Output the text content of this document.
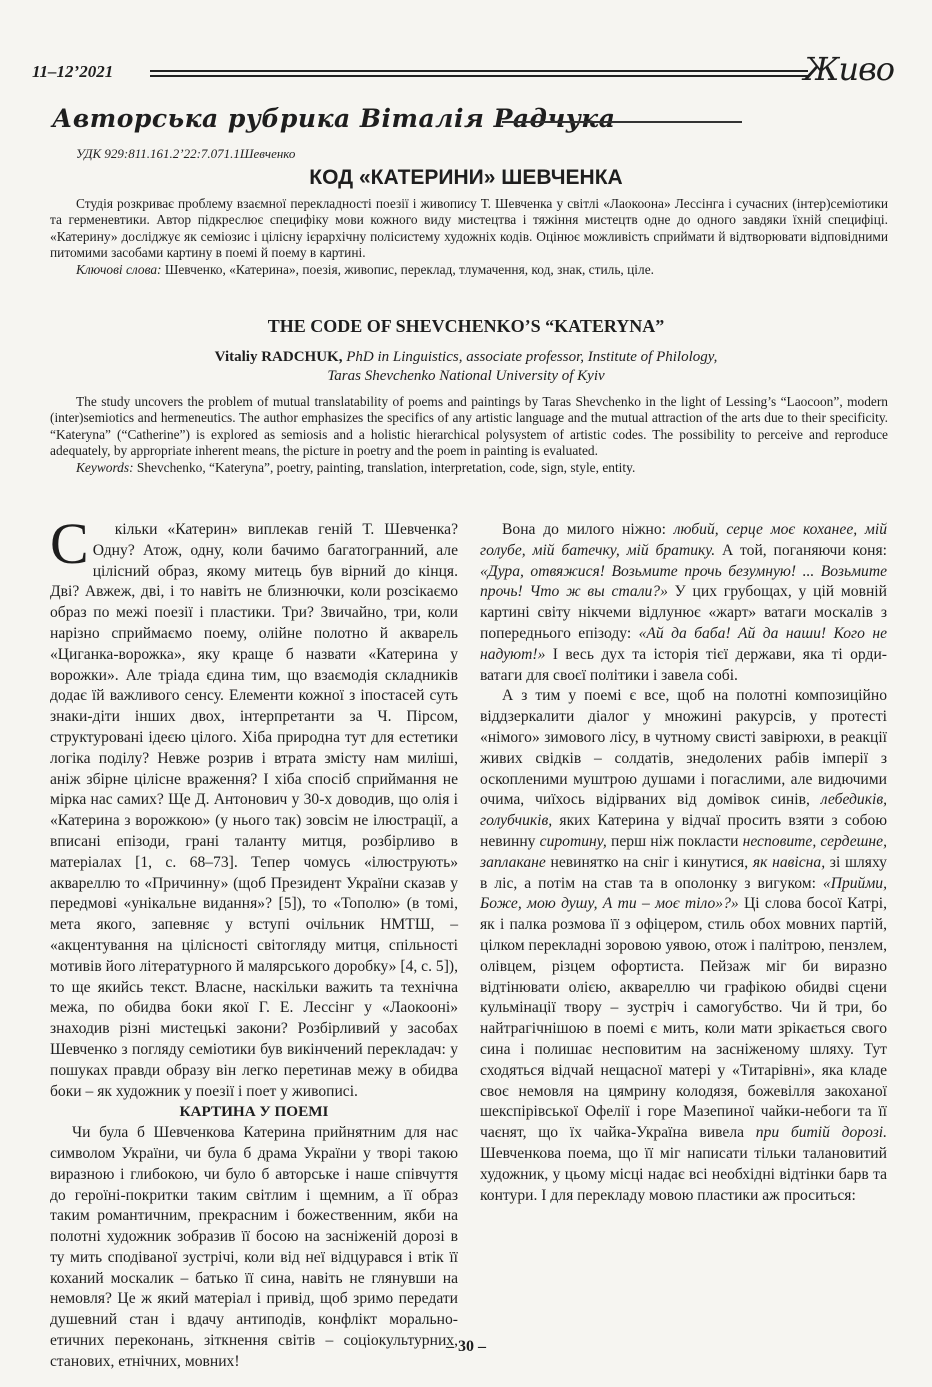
11–12’2021	Живо
Авторська рубрика Віталія Радчука
УДК 929:811.161.2’22:7.071.1Шевченко
КОД «КАТЕРИНИ» ШЕВЧЕНКА

Студія розкриває проблему взаємної перекладності поезії і живопису Т. Шевченка у світлі «Лаокоона» Лессінга і сучасних (інтер)семіотики та герменевтики. Автор підкреслює специфіку мови кожного виду мистецтва і тяжіння мистецтв одне до одного завдяки їхній специфіці. «Катерину» досліджує як семіозис і цілісну ієрархічну полісистему художніх кодів. Оцінює можливість сприймати й відтворювати відповідними питомими засобами картину в поемі й поему в картині.

Ключові слова: Шевченко, «Катерина», поезія, живопис, переклад, тлумачення, код, знак, стиль, ціле.

THE CODE OF SHEVCHENKO’S “KATERYNA”
Vitaliy RADCHUK, PhD in Linguistics, associate professor, Institute of Philology,
Taras Shevchenko National University of Kyiv

The study uncovers the problem of mutual translatability of poems and paintings by Taras Shevchenko in the light of Lessing’s “Laocoon”, modern (inter)semiotics and hermeneutics. The author emphasizes the specifics of any artistic language and the mutual attraction of the arts due to their specificity. “Kateryna” (“Catherine”) is explored as semiosis and a holistic hierarchical polysystem of artistic codes. The possibility to perceive and reproduce adequately, by appropriate inherent means, the picture in poetry and the poem in painting is evaluated.

Keywords: Shevchenko, “Kateryna”, poetry, painting, translation, interpretation, code, sign, style, entity.

С кільки «Катерин» виплекав геній Т. Шевченка? Одну? Атож, одну, коли бачимо багатогранний, але цілісний образ, якому митець був вірний до кінця. Дві? Авжеж, дві, і то навіть не близнючки, коли розсікаємо образ по межі поезії і пластики. Три? Звичайно, три, коли нарізно сприймаємо поему, олійне полотно й акварель «Циганка-ворожка», яку краще б назвати «Катерина у ворожки». Але тріада єдина тим, що взаємодія складників додає їй важливого сенсу. Елементи кожної з іпостасей суть знаки-діти інших двох, інтерпретанти за Ч. Пірсом, структуровані ідеєю цілого. Хіба природна тут для естетики логіка поділу? Невже розрив і втрата змісту нам миліші, аніж збірне цілісне враження? І хіба спосіб сприймання не мірка нас самих? Ще Д. Антонович у 30-х доводив, що олія і «Катерина з ворожкою» (у нього так) зовсім не ілюстрації, а вписані епізоди, грані таланту митця, розбірливо в матеріалах [1, с. 68–73]. Тепер чомусь «ілюструють» аквареллю то «Причинну» (щоб Президент України сказав у передмові «унікальне видання»? [5]), то «Тополю» (в томі, мета якого, запевняє у вступі очільник НМТШ, – «акцентування на цілісності світогляду митця, спільності мотивів його літературного й малярського доробку» [4, с. 5]), то ще якийсь текст. Власне, наскільки важить та технічна межа, по обидва боки якої Г. Е. Лессінг у «Лаокооні» знаходив різні мистецькі закони? Розбірливий у засобах Шевченко з погляду семіотики був викінчений перекладач: у пошуках правди образу він легко перетинав межу в обидва боки – як художник у поезії і поет у живописі.

КАРТИНА У ПОЕМІ

Чи була б Шевченкова Катерина прийнятним для нас символом України, чи була б драма України у творі такою виразною і глибокою, чи було б авторське і наше співчуття до героїні-покритки таким світлим і щемним, а її образ таким романтичним, прекрасним і божественним, якби на полотні художник зобразив її босою на засніженій дорозі в ту мить сподіваної зустрічі, коли від неї відцурався і втік її коханий москалик – батько її сина, навіть не глянувши на немовля? Це ж який матеріал і привід, щоб зримо передати душевний стан і вдачу антиподів, конфлікт морально-етичних переконань, зіткнення світів – соціокультурних, станових, етнічних, мовних!

Вона до милого ніжно: любий, серце моє коханее, мій голубе, мій батечку, мій братику. А той, поганяючи коня: «Дура, отвяжися! Возьмите прочь безумную! ... Возьмите прочь! Что ж вы стали?» У цих грубощах, у цій мовній картині світу нікчеми відлунює «жарт» ватаги москалів з попереднього епізоду: «Ай да баба! Ай да наши! Кого не надуют!» І весь дух та історія тієї держави, яка ті орди-ватаги для своєї політики і завела собі.

А з тим у поемі є все, щоб на полотні композиційно віддзеркалити діалог у множині ракурсів, у протесті «німого» зимового лісу, в чутному свисті завірюхи, в реакції живих свідків – солдатів, знедолених рабів імперії з оскопленими муштрою душами і погаслими, але видючими очима, чиїхось відірваних від домівок синів, лебедиків, голубчиків, яких Катерина у відчаї просить взяти з собою невинну сиротину, перш ніж покласти несповите, сердешне, заплакане невинятко на сніг і кинутися, як навісна, зі шляху в ліс, а потім на став та в ополонку з вигуком: «Прийми, Боже, мою душу, А ти – моє тіло»?» Ці слова босої Катрі, як і палка розмова її з офіцером, стиль обох мовних партій, цілком перекладні зоровою уявою, отож і палітрою, пензлем, олівцем, різцем офортиста. Пейзаж міг би виразно відтінювати олією, аквареллю чи графікою обидві сцени кульмінації твору – зустріч і самогубство. Чи й три, бо найтрагічнішою в поемі є мить, коли мати зрікається свого сина і полишає несповитим на засніженому шляху. Тут сходяться відчай нещасної матері у «Титарівні», яка кладе своє немовля на цямрину колодязя, божевілля закоханої шекспірівської Офелії і горе Мазепиної чайки-небоги та її чаєнят, що їх чайка-Україна вивела при битій дорозі. Шевченкова поема, що її міг написати тільки талановитий художник, у цьому місці надає всі необхідні відтінки барв та контури. І для перекладу мовою пластики аж проситься:

– 30 –
